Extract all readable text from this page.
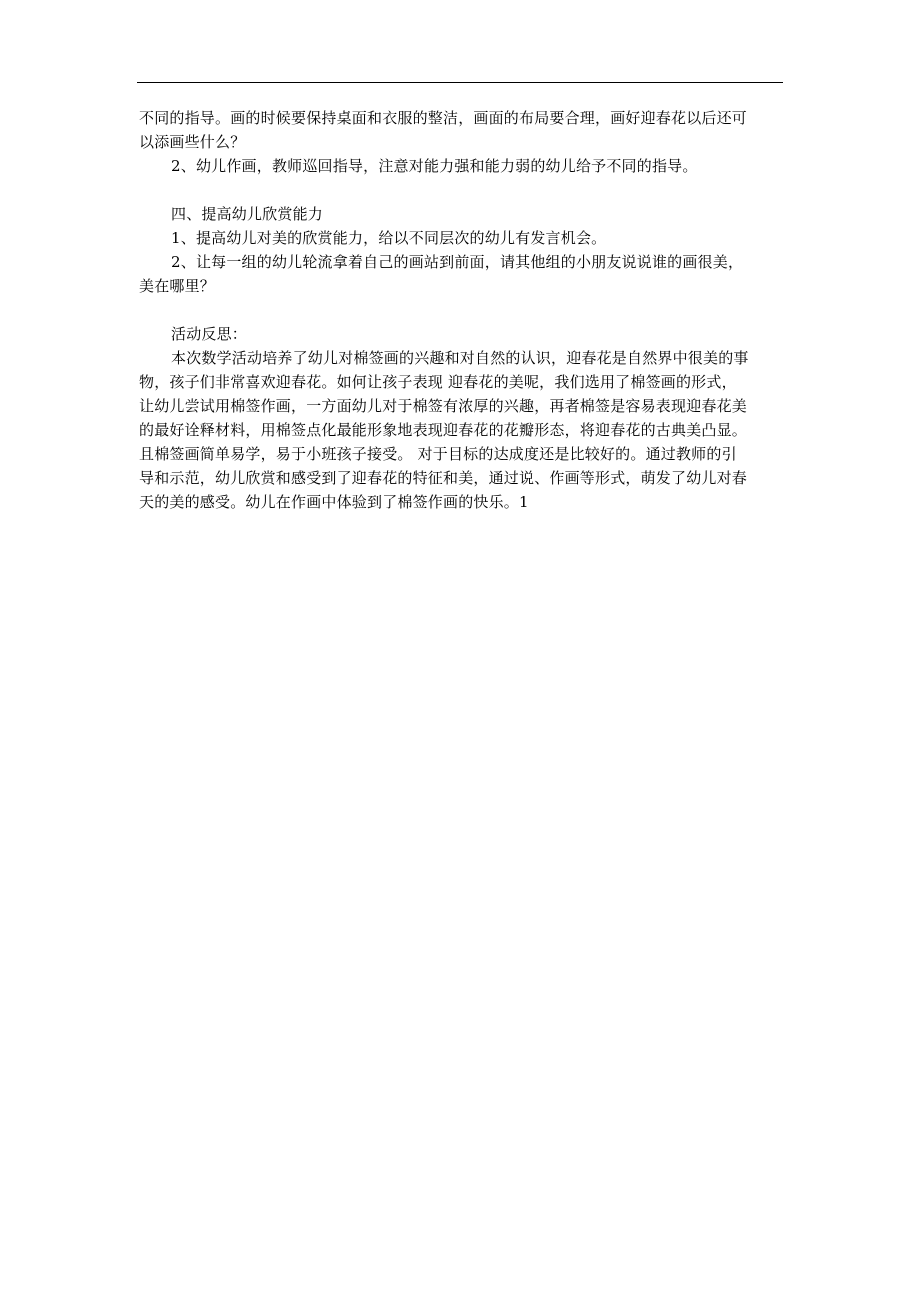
不同的指导。画的时候要保持桌面和衣服的整洁，画面的布局要合理，画好迎春花以后还可
以添画些什么？
2、幼儿作画，教师巡回指导，注意对能力强和能力弱的幼儿给予不同的指导。
四、提高幼儿欣赏能力
1、提高幼儿对美的欣赏能力，给以不同层次的幼儿有发言机会。
2、让每一组的幼儿轮流拿着自己的画站到前面，请其他组的小朋友说说谁的画很美，
美在哪里？
活动反思：
本次数学活动培养了幼儿对棉签画的兴趣和对自然的认识，迎春花是自然界中很美的事
物，孩子们非常喜欢迎春花。如何让孩子表现 迎春花的美呢，我们选用了棉签画的形式，
让幼儿尝试用棉签作画，一方面幼儿对于棉签有浓厚的兴趣，再者棉签是容易表现迎春花美
的最好诠释材料，用棉签点化最能形象地表现迎春花的花瓣形态，将迎春花的古典美凸显。
且棉签画简单易学，易于小班孩子接受。 对于目标的达成度还是比较好的。通过教师的引
导和示范，幼儿欣赏和感受到了迎春花的特征和美，通过说、作画等形式，萌发了幼儿对春
天的美的感受。幼儿在作画中体验到了棉签作画的快乐。1
